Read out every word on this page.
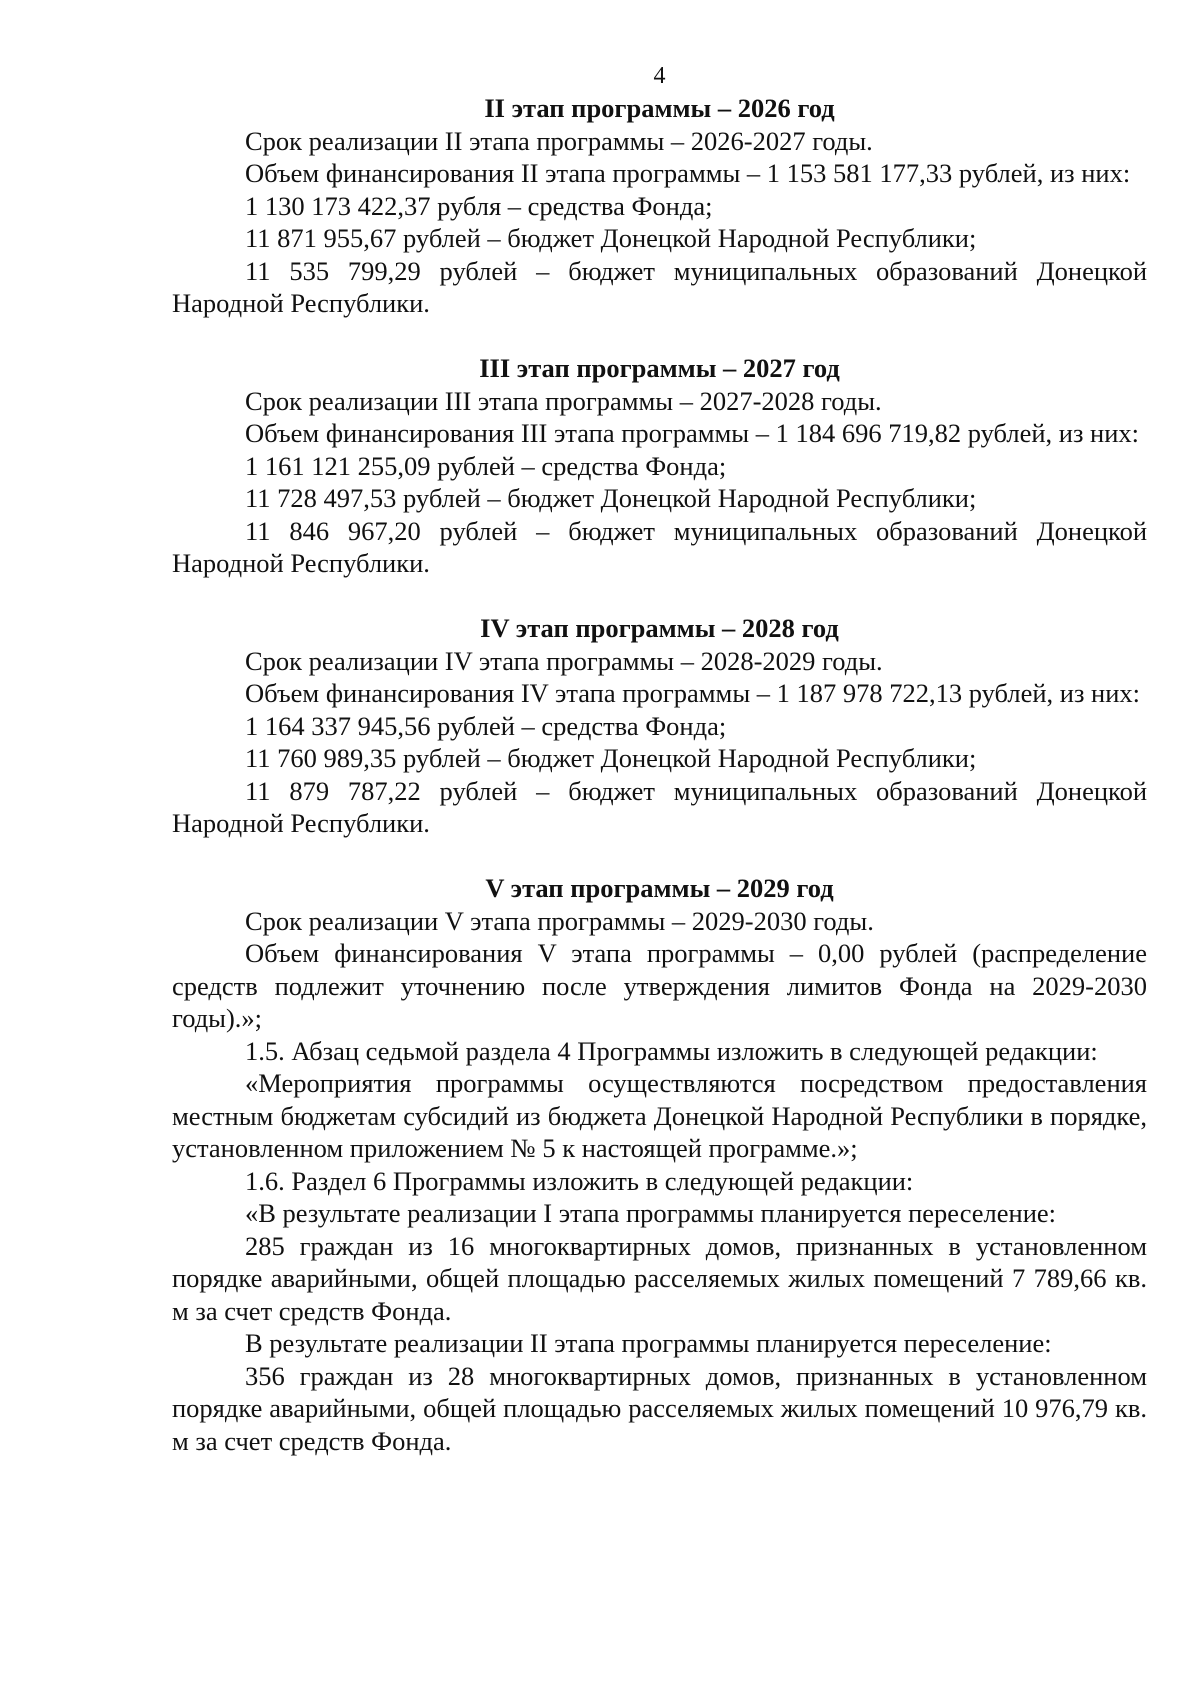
4

II этап программы – 2026 год

Срок реализации II этапа программы – 2026-2027 годы.

Объем финансирования II этапа программы – 1 153 581 177,33 рублей, из них:

1 130 173 422,37 рубля – средства Фонда;

11 871 955,67 рублей – бюджет Донецкой Народной Республики;

11 535 799,29 рублей – бюджет муниципальных образований Донецкой Народной Республики.

III этап программы – 2027 год

Срок реализации III этапа программы – 2027-2028 годы.

Объем финансирования III этапа программы – 1 184 696 719,82 рублей, из них:

1 161 121 255,09 рублей – средства Фонда;

11 728 497,53 рублей – бюджет Донецкой Народной Республики;

11 846 967,20 рублей – бюджет муниципальных образований Донецкой Народной Республики.

IV этап программы – 2028 год

Срок реализации IV этапа программы – 2028-2029 годы.

Объем финансирования IV этапа программы – 1 187 978 722,13 рублей, из них:

1 164 337 945,56 рублей – средства Фонда;

11 760 989,35 рублей – бюджет Донецкой Народной Республики;

11 879 787,22 рублей – бюджет муниципальных образований Донецкой Народной Республики.

V этап программы – 2029 год

Срок реализации V этапа программы – 2029-2030 годы.

Объем финансирования V этапа программы – 0,00 рублей (распределение средств подлежит уточнению после утверждения лимитов Фонда на 2029-2030 годы).»;

1.5. Абзац седьмой раздела 4 Программы изложить в следующей редакции:

«Мероприятия программы осуществляются посредством предоставления местным бюджетам субсидий из бюджета Донецкой Народной Республики в порядке, установленном приложением № 5 к настоящей программе.»;

1.6. Раздел 6 Программы изложить в следующей редакции:

«В результате реализации I этапа программы планируется переселение:

285 граждан из 16 многоквартирных домов, признанных в установленном порядке аварийными, общей площадью расселяемых жилых помещений 7 789,66 кв. м за счет средств Фонда.

В результате реализации II этапа программы планируется переселение:

356 граждан из 28 многоквартирных домов, признанных в установленном порядке аварийными, общей площадью расселяемых жилых помещений 10 976,79 кв. м за счет средств Фонда.
